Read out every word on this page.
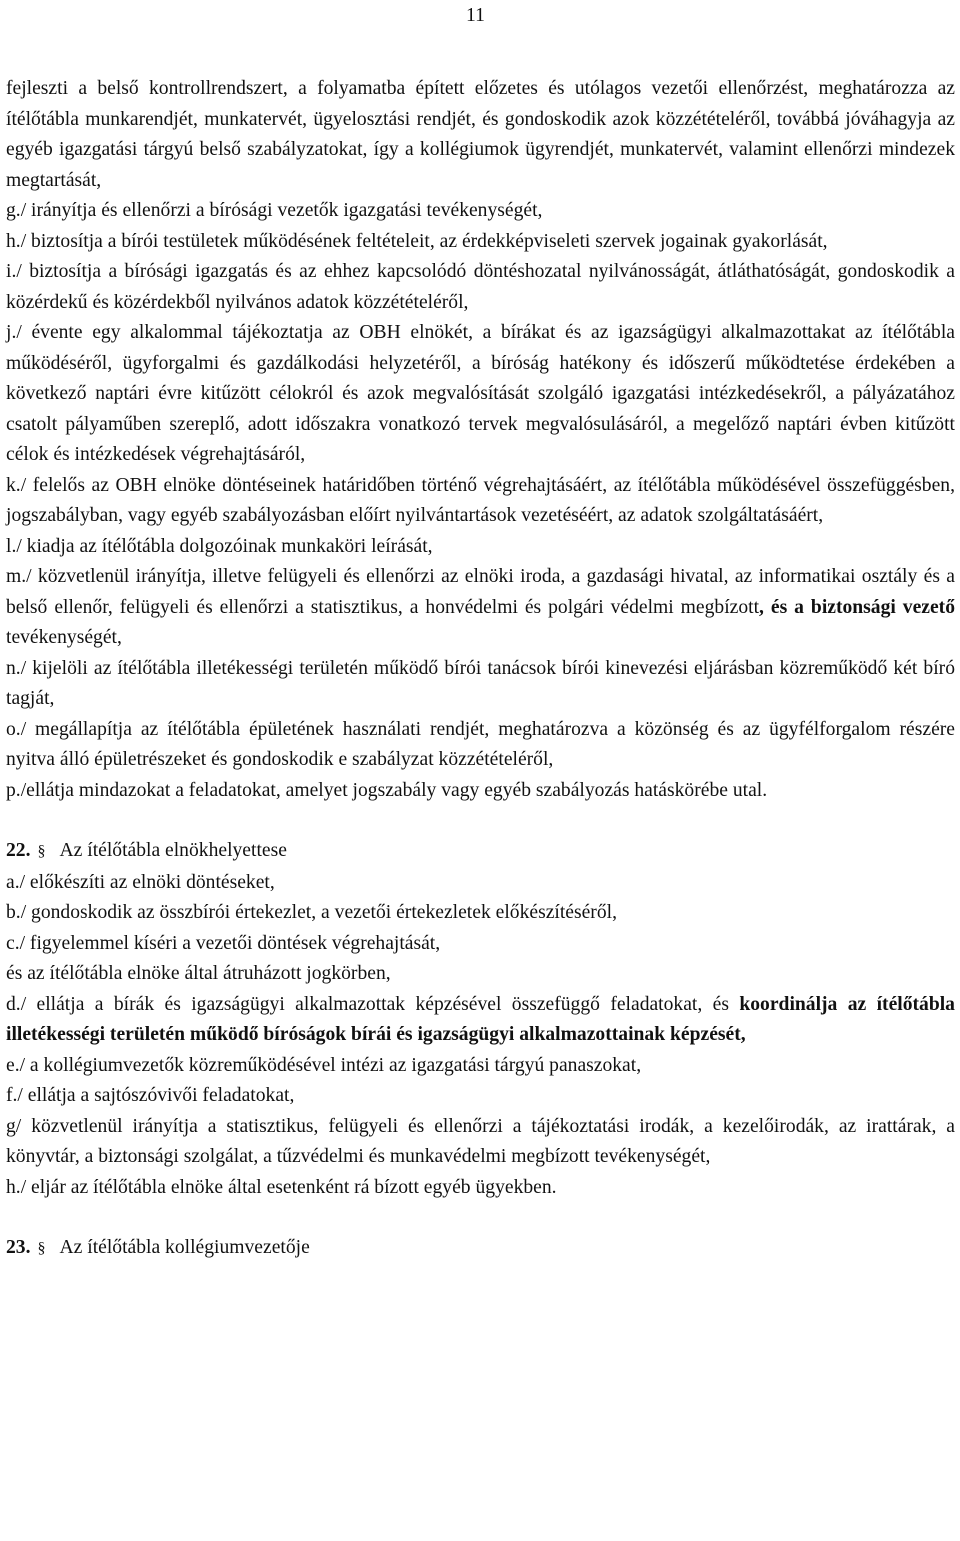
11

fejleszti a belső kontrollrendszert, a folyamatba épített előzetes és utólagos vezetői ellenőrzést, meghatározza az ítélőtábla munkarendjét, munkatervét, ügyelosztási rendjét, és gondoskodik azok közzétételéről, továbbá jóváhagyja az egyéb igazgatási tárgyú belső szabályzatokat, így a kollégiumok ügyrendjét, munkatervét, valamint ellenőrzi mindezek megtartását,

g./ irányítja és ellenőrzi a bírósági vezetők igazgatási tevékenységét,

h./ biztosítja a bírói testületek működésének feltételeit, az érdekképviseleti szervek jogainak gyakorlását,

i./ biztosítja a bírósági igazgatás és az ehhez kapcsolódó döntéshozatal nyilvánosságát, átláthatóságát, gondoskodik a közérdekű és közérdekből nyilvános adatok közzétételéről,

j./ évente egy alkalommal tájékoztatja az OBH elnökét, a bírákat és az igazságügyi alkalmazottakat az ítélőtábla működéséről, ügyforgalmi és gazdálkodási helyzetéről, a bíróság hatékony és időszerű működtetése érdekében a következő naptári évre kitűzött célokról és azok megvalósítását szolgáló igazgatási intézkedésekről, a pályázatához csatolt pályaműben szereplő, adott időszakra vonatkozó tervek megvalósulásáról, a megelőző naptári évben kitűzött célok és intézkedések végrehajtásáról,

k./ felelős az OBH elnöke döntéseinek határidőben történő végrehajtásáért, az ítélőtábla működésével összefüggésben, jogszabályban, vagy egyéb szabályozásban előírt nyilvántartások vezetéséért, az adatok szolgáltatásáért,

l./ kiadja az ítélőtábla dolgozóinak munkaköri leírását,

m./ közvetlenül irányítja, illetve felügyeli és ellenőrzi az elnöki iroda, a gazdasági hivatal, az informatikai osztály és a belső ellenőr, felügyeli és ellenőrzi a statisztikus, a honvédelmi és polgári védelmi megbízott, és a biztonsági vezető tevékenységét,

n./ kijelöli az ítélőtábla illetékességi területén működő bírói tanácsok bírói kinevezési eljárásban közreműködő két bíró tagját,

o./ megállapítja az ítélőtábla épületének használati rendjét, meghatározva a közönség és az ügyfélforgalom részére nyitva álló épületrészeket és gondoskodik e szabályzat közzétételéről,

p./ellátja mindazokat a feladatokat, amelyet jogszabály vagy egyéb szabályozás hatáskörébe utal.

22. § Az ítélőtábla elnökhelyettese

a./ előkészíti az elnöki döntéseket,

b./ gondoskodik az összbírói értekezlet, a vezetői értekezletek előkészítéséről,

c./ figyelemmel kíséri a vezetői döntések végrehajtását,

és az ítélőtábla elnöke által átruházott jogkörben,

d./ ellátja a bírák és igazságügyi alkalmazottak képzésével összefüggő feladatokat, és koordinálja az ítélőtábla illetékességi területén működő bíróságok bírái és igazságügyi alkalmazottainak képzését,

e./ a kollégiumvezetők közreműködésével intézi az igazgatási tárgyú panaszokat,

f./ ellátja a sajtószóvivői feladatokat,

g/ közvetlenül irányítja a statisztikus, felügyeli és ellenőrzi a tájékoztatási irodák, a kezelőirodák, az irattárak, a könyvtár, a biztonsági szolgálat, a tűzvédelmi és munkavédelmi megbízott tevékenységét,

h./ eljár az ítélőtábla elnöke által esetenként rá bízott egyéb ügyekben.

23. § Az ítélőtábla kollégiumvezetője
